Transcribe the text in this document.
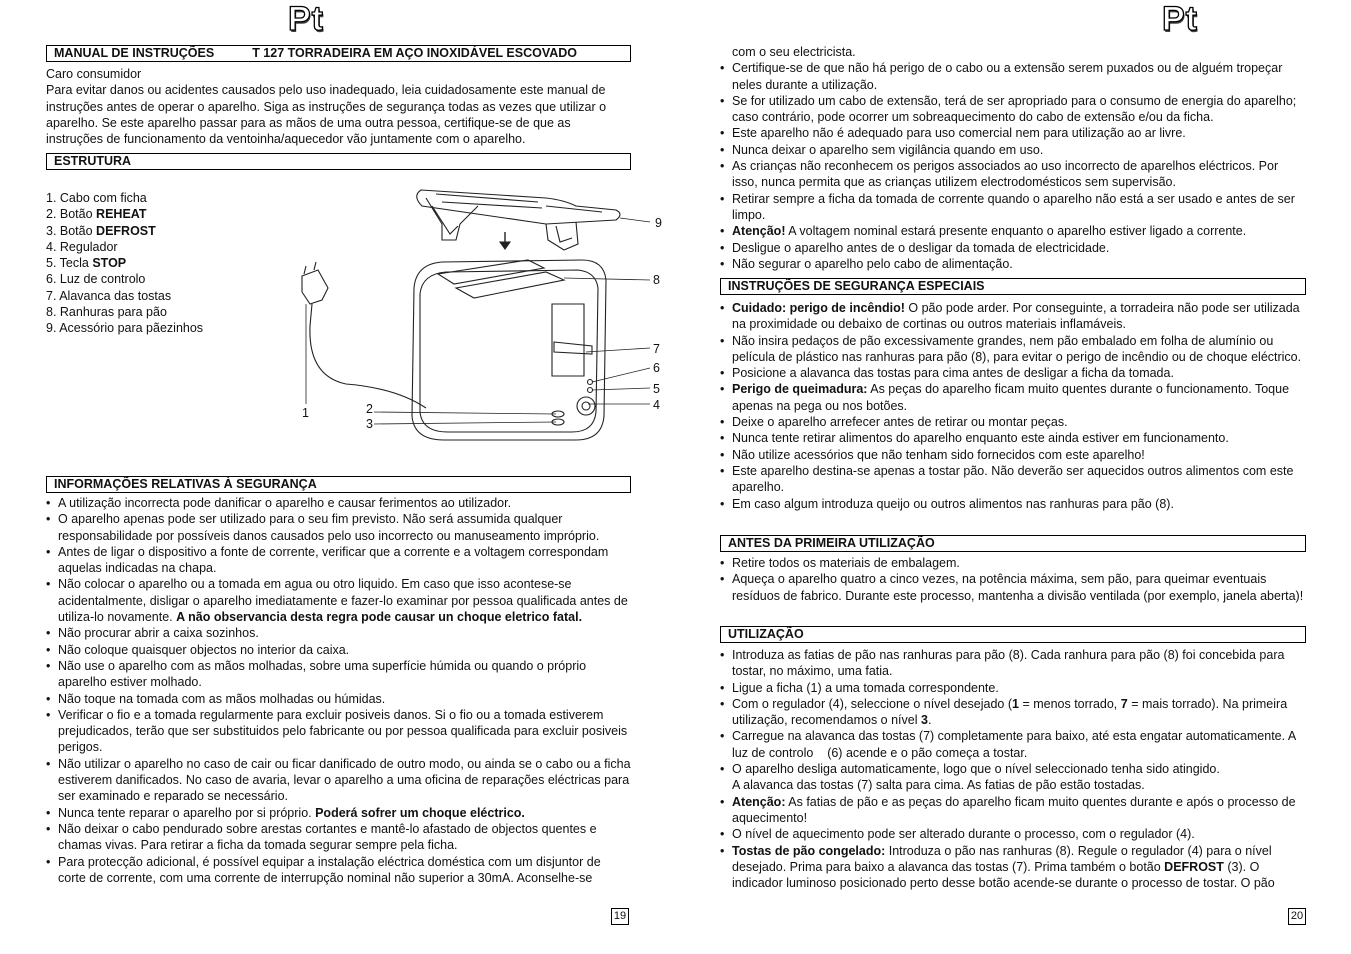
Pt
MANUAL DE INSTRUÇÕES	T 127 TORRADEIRA EM AÇO INOXIDÁVEL ESCOVADO

Caro consumidor

Para evitar danos ou acidentes causados pelo uso inadequado, leia cuidadosamente este manual de instruções antes de operar o aparelho. Siga as instruções de segurança todas as vezes que utilizar o aparelho. Se este aparelho passar para as mãos de uma outra pessoa, certifique-se de que as instruções de funcionamento da ventoinha/aquecedor vão juntamente com o aparelho.

ESTRUTURA
1. Cabo com ficha
2. Botão REHEAT
3. Botão DEFROST
4. Regulador
5. Tecla STOP
6. Luz de controlo
7. Alavanca das tostas
8. Ranhuras para pão
9. Acessório para pãezinhos
1	2
3
4
5
6
7
8
9
INFORMAÇÕES RELATIVAS À SEGURANÇA
• A utilização incorrecta pode danificar o aparelho e causar ferimentos ao utilizador.
• O aparelho apenas pode ser utilizado para o seu fim previsto. Não será assumida qualquer responsabilidade por possíveis danos causados pelo uso incorrecto ou manuseamento impróprio.
• Antes de ligar o dispositivo a fonte de corrente, verificar que a corrente e a voltagem correspondam aquelas indicadas na chapa.
• Não colocar o aparelho ou a tomada em agua ou otro liquido. Em caso que isso acontese-se acidentalmente, disligar o aparelho imediatamente e fazer-lo examinar por pessoa qualificada antes de utiliza-lo novamente. A não observancia desta regra pode causar un choque eletrico fatal.
• Não procurar abrir a caixa sozinhos.
• Não coloque quaisquer objectos no interior da caixa.
• Não use o aparelho com as mãos molhadas, sobre uma superfície húmida ou quando o próprio aparelho estiver molhado.
• Não toque na tomada com as mãos molhadas ou húmidas.
• Verificar o fio e a tomada regularmente para excluir posiveis danos. Si o fio ou a tomada estiverem prejudicados, terão que ser substituidos pelo fabricante ou por pessoa qualificada para excluir posiveis perigos.
• Não utilizar o aparelho no caso de cair ou ficar danificado de outro modo, ou ainda se o cabo ou a ficha estiverem danificados. No caso de avaria, levar o aparelho a uma oficina de reparações eléctricas para ser examinado e reparado se necessário.
• Nunca tente reparar o aparelho por si próprio. Poderá sofrer um choque eléctrico.
• Não deixar o cabo pendurado sobre arestas cortantes e mantê-lo afastado de objectos quentes e chamas vivas. Para retirar a ficha da tomada segurar sempre pela ficha.
• Para protecção adicional, é possível equipar a instalação eléctrica doméstica com um disjuntor de corte de corrente, com uma corrente de interrupção nominal não superior a 30mA. Aconselhe-se
19
Pt

com o seu electricista.

• Certifique-se de que não há perigo de o cabo ou a extensão serem puxados ou de alguém tropeçar neles durante a utilização.
• Se for utilizado um cabo de extensão, terá de ser apropriado para o consumo de energia do aparelho; caso contrário, pode ocorrer um sobreaquecimento do cabo de extensão e/ou da ficha.
• Este aparelho não é adequado para uso comercial nem para utilização ao ar livre.
• Nunca deixar o aparelho sem vigilância quando em uso.
• As crianças não reconhecem os perigos associados ao uso incorrecto de aparelhos eléctricos. Por isso, nunca permita que as crianças utilizem electrodomésticos sem supervisão.
• Retirar sempre a ficha da tomada de corrente quando o aparelho não está a ser usado e antes de ser limpo.
• Atenção! A voltagem nominal estará presente enquanto o aparelho estiver ligado a corrente.
• Desligue o aparelho antes de o desligar da tomada de electricidade.
• Não segurar o aparelho pelo cabo de alimentação.
INSTRUÇÕES DE SEGURANÇA ESPECIAIS
• Cuidado: perigo de incêndio! O pão pode arder. Por conseguinte, a torradeira não pode ser utilizada na proximidade ou debaixo de cortinas ou outros materiais inflamáveis.
• Não insira pedaços de pão excessivamente grandes, nem pão embalado em folha de alumínio ou película de plástico nas ranhuras para pão (8), para evitar o perigo de incêndio ou de choque eléctrico.
• Posicione a alavanca das tostas para cima antes de desligar a ficha da tomada.
• Perigo de queimadura: As peças do aparelho ficam muito quentes durante o funcionamento. Toque apenas na pega ou nos botões.
• Deixe o aparelho arrefecer antes de retirar ou montar peças.
• Nunca tente retirar alimentos do aparelho enquanto este ainda estiver em funcionamento.
• Não utilize acessórios que não tenham sido fornecidos com este aparelho!
• Este aparelho destina-se apenas a tostar pão. Não deverão ser aquecidos outros alimentos com este aparelho.
• Em caso algum introduza queijo ou outros alimentos nas ranhuras para pão (8).
ANTES DA PRIMEIRA UTILIZAÇÃO
• Retire todos os materiais de embalagem.
• Aqueça o aparelho quatro a cinco vezes, na potência máxima, sem pão, para queimar eventuais resíduos de fabrico. Durante este processo, mantenha a divisão ventilada (por exemplo, janela aberta)!
UTILIZAÇÃO
• Introduza as fatias de pão nas ranhuras para pão (8). Cada ranhura para pão (8) foi concebida para tostar, no máximo, uma fatia.
• Ligue a ficha (1) a uma tomada correspondente.
• Com o regulador (4), seleccione o nível desejado (1 = menos torrado, 7 = mais torrado). Na primeira utilização, recomendamos o nível 3.
• Carregue na alavanca das tostas (7) completamente para baixo, até esta engatar automaticamente. A luz de controlo    (6) acende e o pão começa a tostar.
• O aparelho desliga automaticamente, logo que o nível seleccionado tenha sido atingido.
A alavanca das tostas (7) salta para cima. As fatias de pão estão tostadas.
• Atenção: As fatias de pão e as peças do aparelho ficam muito quentes durante e após o processo de aquecimento!
• O nível de aquecimento pode ser alterado durante o processo, com o regulador (4).
• Tostas de pão congelado: Introduza o pão nas ranhuras (8). Regule o regulador (4) para o nível desejado. Prima para baixo a alavanca das tostas (7). Prima também o botão DEFROST (3). O indicador luminoso posicionado perto desse botão acende-se durante o processo de tostar. O pão
20
